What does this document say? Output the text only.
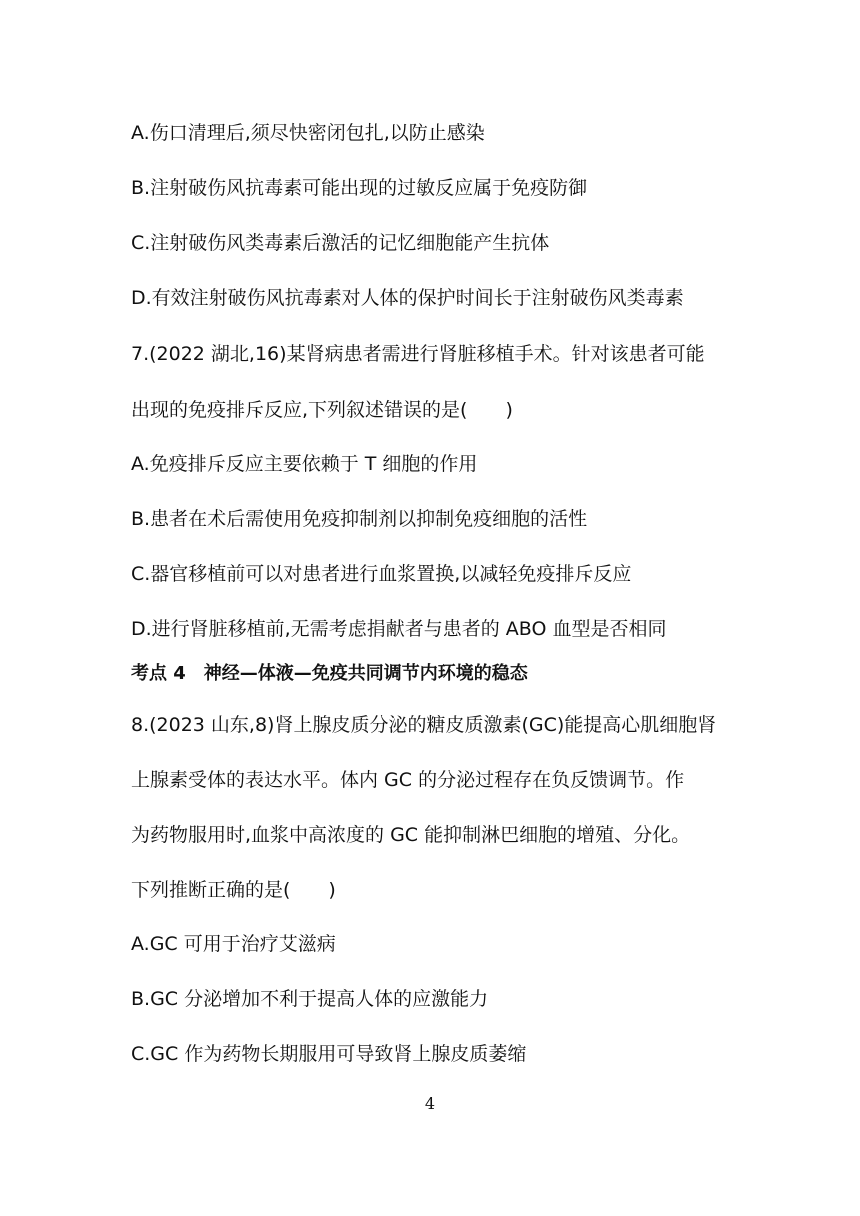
A.伤口清理后,须尽快密闭包扎,以防止感染
B.注射破伤风抗毒素可能出现的过敏反应属于免疫防御
C.注射破伤风类毒素后激活的记忆细胞能产生抗体
D.有效注射破伤风抗毒素对人体的保护时间长于注射破伤风类毒素
7.(2022 湖北,16)某肾病患者需进行肾脏移植手术。针对该患者可能
出现的免疫排斥反应,下列叙述错误的是(　　)
A.免疫排斥反应主要依赖于 T 细胞的作用
B.患者在术后需使用免疫抑制剂以抑制免疫细胞的活性
C.器官移植前可以对患者进行血浆置换,以减轻免疫排斥反应
D.进行肾脏移植前,无需考虑捐献者与患者的 ABO 血型是否相同
考点 4　神经—体液—免疫共同调节内环境的稳态
8.(2023 山东,8)肾上腺皮质分泌的糖皮质激素(GC)能提高心肌细胞肾
上腺素受体的表达水平。体内 GC 的分泌过程存在负反馈调节。作
为药物服用时,血浆中高浓度的 GC 能抑制淋巴细胞的增殖、分化。
下列推断正确的是(　　)
A.GC 可用于治疗艾滋病
B.GC 分泌增加不利于提高人体的应激能力
C.GC 作为药物长期服用可导致肾上腺皮质萎缩
4
